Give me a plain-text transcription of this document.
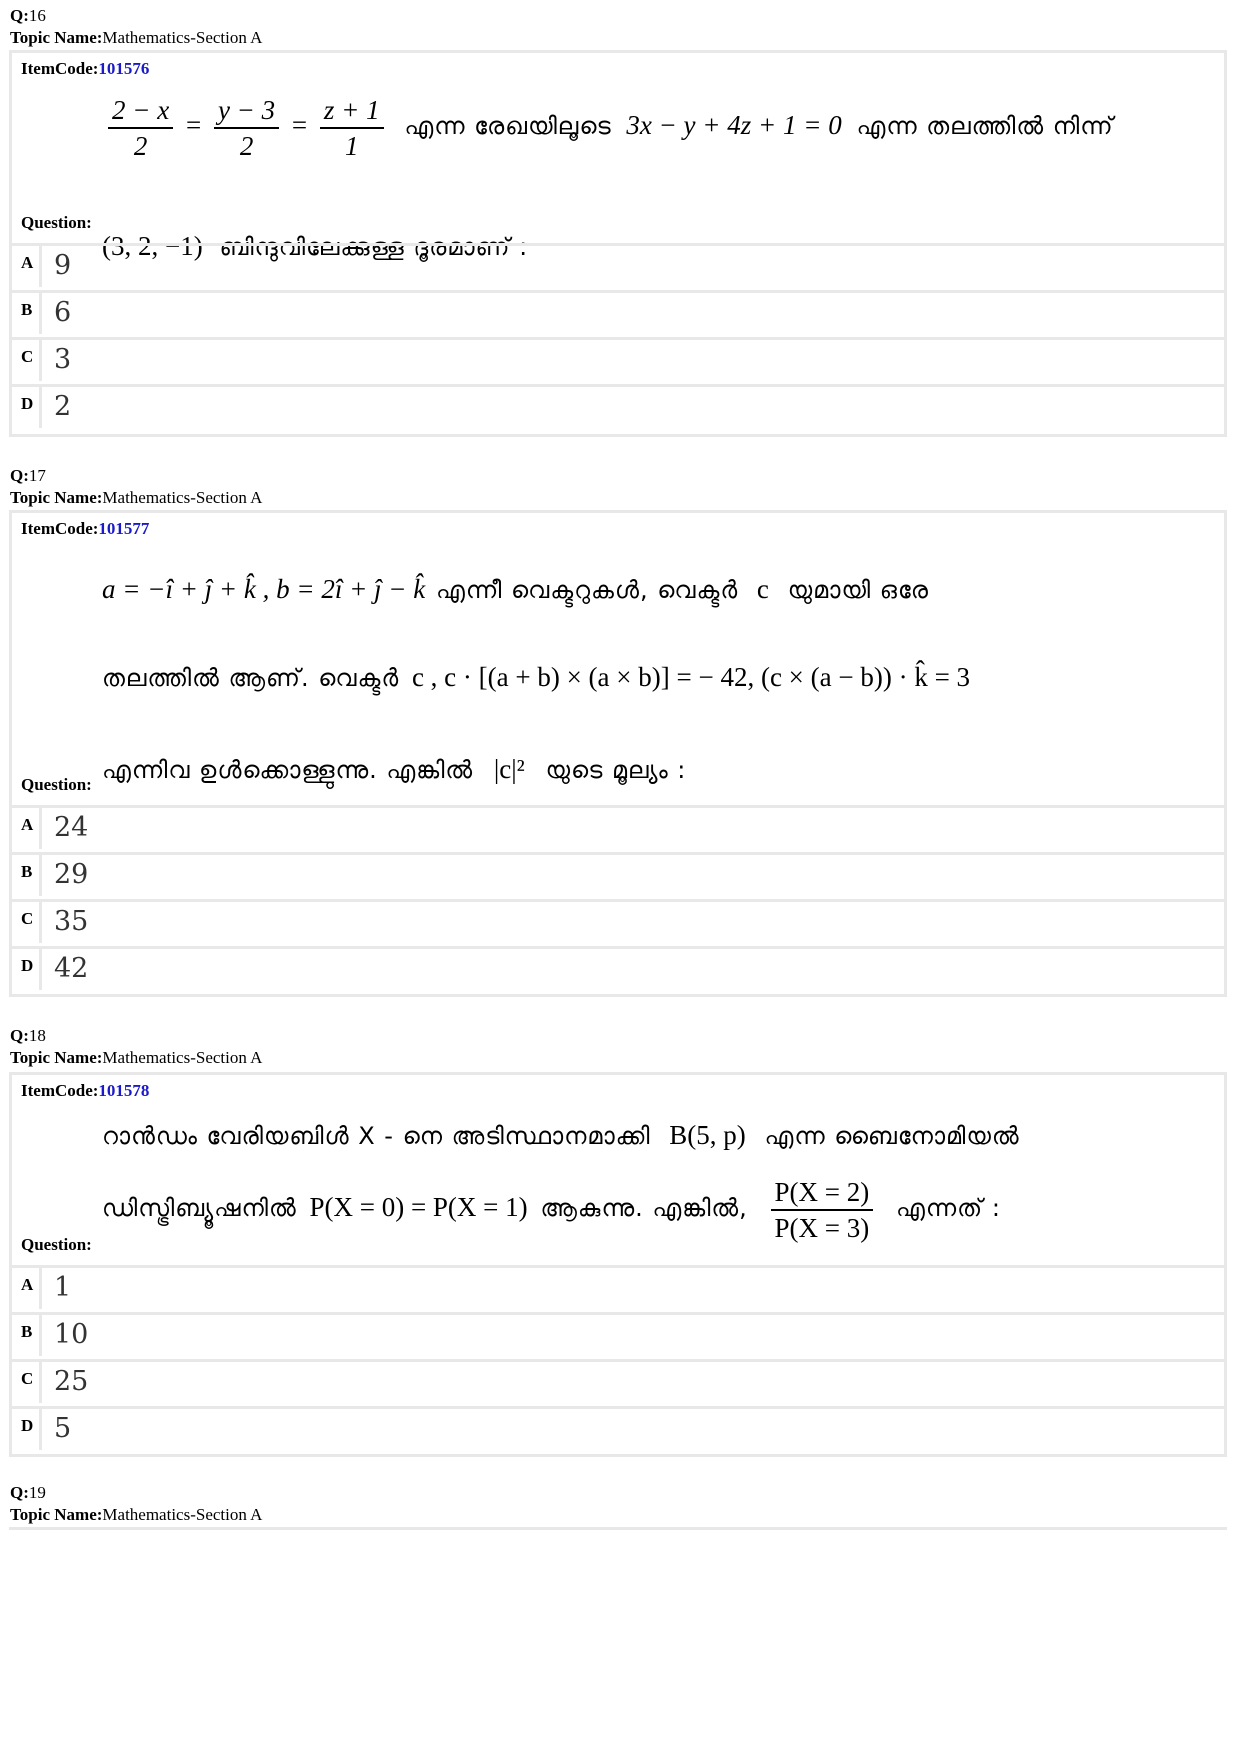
Q:16
Topic Name:Mathematics-Section A
ItemCode:101576
$\frac{2 - x}{2} = \frac{y - 3}{2} = \frac{z + 1}{1}$ എന്ന രേഖയിലൂടെ 3x − y + 4z + 1 = 0 എന്ന തലത്തിൽ നിന്ന്
(3, 2, −1) ബിന്ദുവിലേക്കുള്ള ദൂരമാണ് :
Question:
A 9
B 6
C 3
D 2
Q:17
Topic Name:Mathematics-Section A
ItemCode:101577
a = −î + ĵ + k̂ , b = 2î + ĵ − k̂ എന്നീ വെക്ടറുകൾ, വെക്ടർ c യുമായി ഒരേ
തലത്തിൽ ആണ്. വെക്ടർ c , c · [(a + b) × (a × b)] = − 42, (c × (a − b)) · k̂ = 3
എന്നിവ ഉൾക്കൊള്ളുന്നു. എങ്കിൽ |c|² യുടെ മൂല്യം :
Question:
A 24
B 29
C 35
D 42
Q:18
Topic Name:Mathematics-Section A
ItemCode:101578
റാൻഡം വേരിയബിൾ X - നെ അടിസ്ഥാനമാക്കി B(5, p) എന്ന ബൈനോമിയൽ
ഡിസ്ട്രിബ്യൂഷനിൽ P(X = 0) = P(X = 1) ആകുന്നു. എങ്കിൽ, $\frac{P(X = 2)}{P(X = 3)}$ എന്നത് :
Question:
A 1
B 10
C 25
D 5
Q:19
Topic Name:Mathematics-Section A
